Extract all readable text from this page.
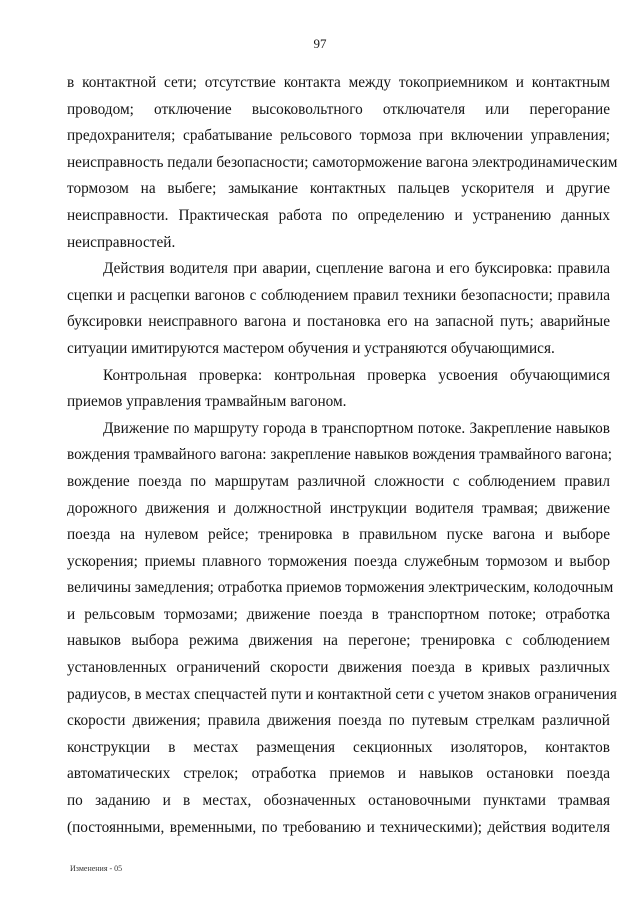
97
в контактной сети; отсутствие контакта между токоприемником и контактным
проводом; отключение высоковольтного отключателя или перегорание
предохранителя; срабатывание рельсового тормоза при включении управления;
неисправность педали безопасности; самоторможение вагона электродинамическим
тормозом на выбеге; замыкание контактных пальцев ускорителя и другие
неисправности. Практическая работа по определению и устранению данных
неисправностей.
Действия водителя при аварии, сцепление вагона и его буксировка: правила
сцепки и расцепки вагонов с соблюдением правил техники безопасности; правила
буксировки неисправного вагона и постановка его на запасной путь; аварийные
ситуации имитируются мастером обучения и устраняются обучающимися.
Контрольная проверка: контрольная проверка усвоения обучающимися
приемов управления трамвайным вагоном.
Движение по маршруту города в транспортном потоке. Закрепление навыков
вождения трамвайного вагона: закрепление навыков вождения трамвайного вагона;
вождение поезда по маршрутам различной сложности с соблюдением правил
дорожного движения и должностной инструкции водителя трамвая; движение
поезда на нулевом рейсе; тренировка в правильном пуске вагона и выборе
ускорения; приемы плавного торможения поезда служебным тормозом и выбор
величины замедления; отработка приемов торможения электрическим, колодочным
и рельсовым тормозами; движение поезда в транспортном потоке; отработка
навыков выбора режима движения на перегоне; тренировка с соблюдением
установленных ограничений скорости движения поезда в кривых различных
радиусов, в местах спецчастей пути и контактной сети с учетом знаков ограничения
скорости движения; правила движения поезда по путевым стрелкам различной
конструкции в местах размещения секционных изоляторов, контактов
автоматических стрелок; отработка приемов и навыков остановки поезда
по заданию и в местах, обозначенных остановочными пунктами трамвая
(постоянными, временными, по требованию и техническими); действия водителя
Изменения - 05
